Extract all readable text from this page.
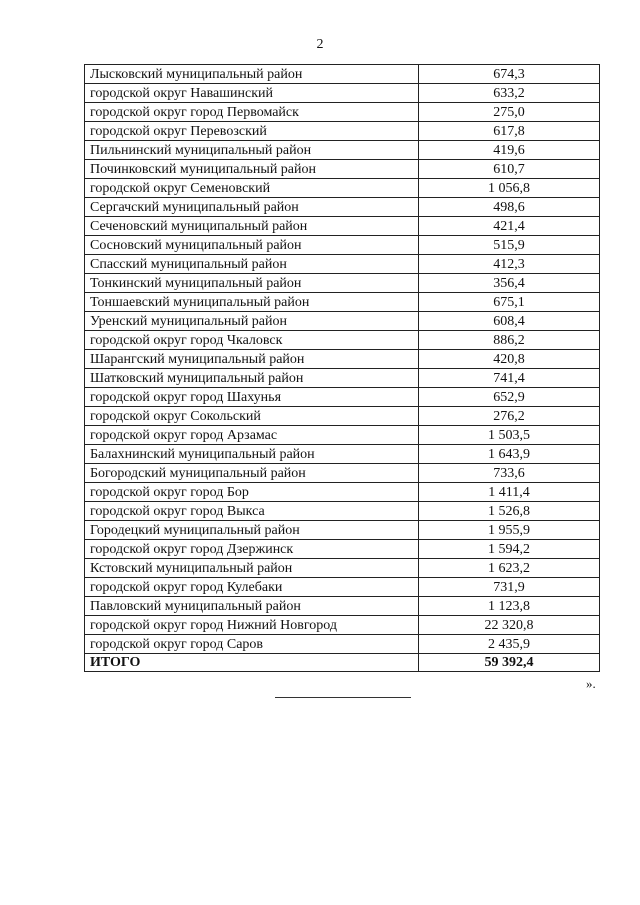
2
Лысковский муниципальный район	674,3
городской округ Навашинский	633,2
городской округ город Первомайск	275,0
городской округ Перевозский	617,8
Пильнинский муниципальный район	419,6
Починковский муниципальный район	610,7
городской округ Семеновский	1 056,8
Сергачский муниципальный район	498,6
Сеченовский муниципальный район	421,4
Сосновский муниципальный район	515,9
Спасский муниципальный район	412,3
Тонкинский муниципальный район	356,4
Тоншаевский муниципальный район	675,1
Уренский муниципальный район	608,4
городской округ город Чкаловск	886,2
Шарангский муниципальный район	420,8
Шатковский муниципальный район	741,4
городской округ город Шахунья	652,9
городской округ Сокольский	276,2
городской округ город Арзамас	1 503,5
Балахнинский муниципальный район	1 643,9
Богородский муниципальный район	733,6
городской округ город Бор	1 411,4
городской округ город Выкса	1 526,8
Городецкий муниципальный район	1 955,9
городской округ город Дзержинск	1 594,2
Кстовский муниципальный район	1 623,2
городской округ город Кулебаки	731,9
Павловский муниципальный район	1 123,8
городской округ город Нижний Новгород	22 320,8
городской округ город Саров	2 435,9
ИТОГО	59 392,4
».
